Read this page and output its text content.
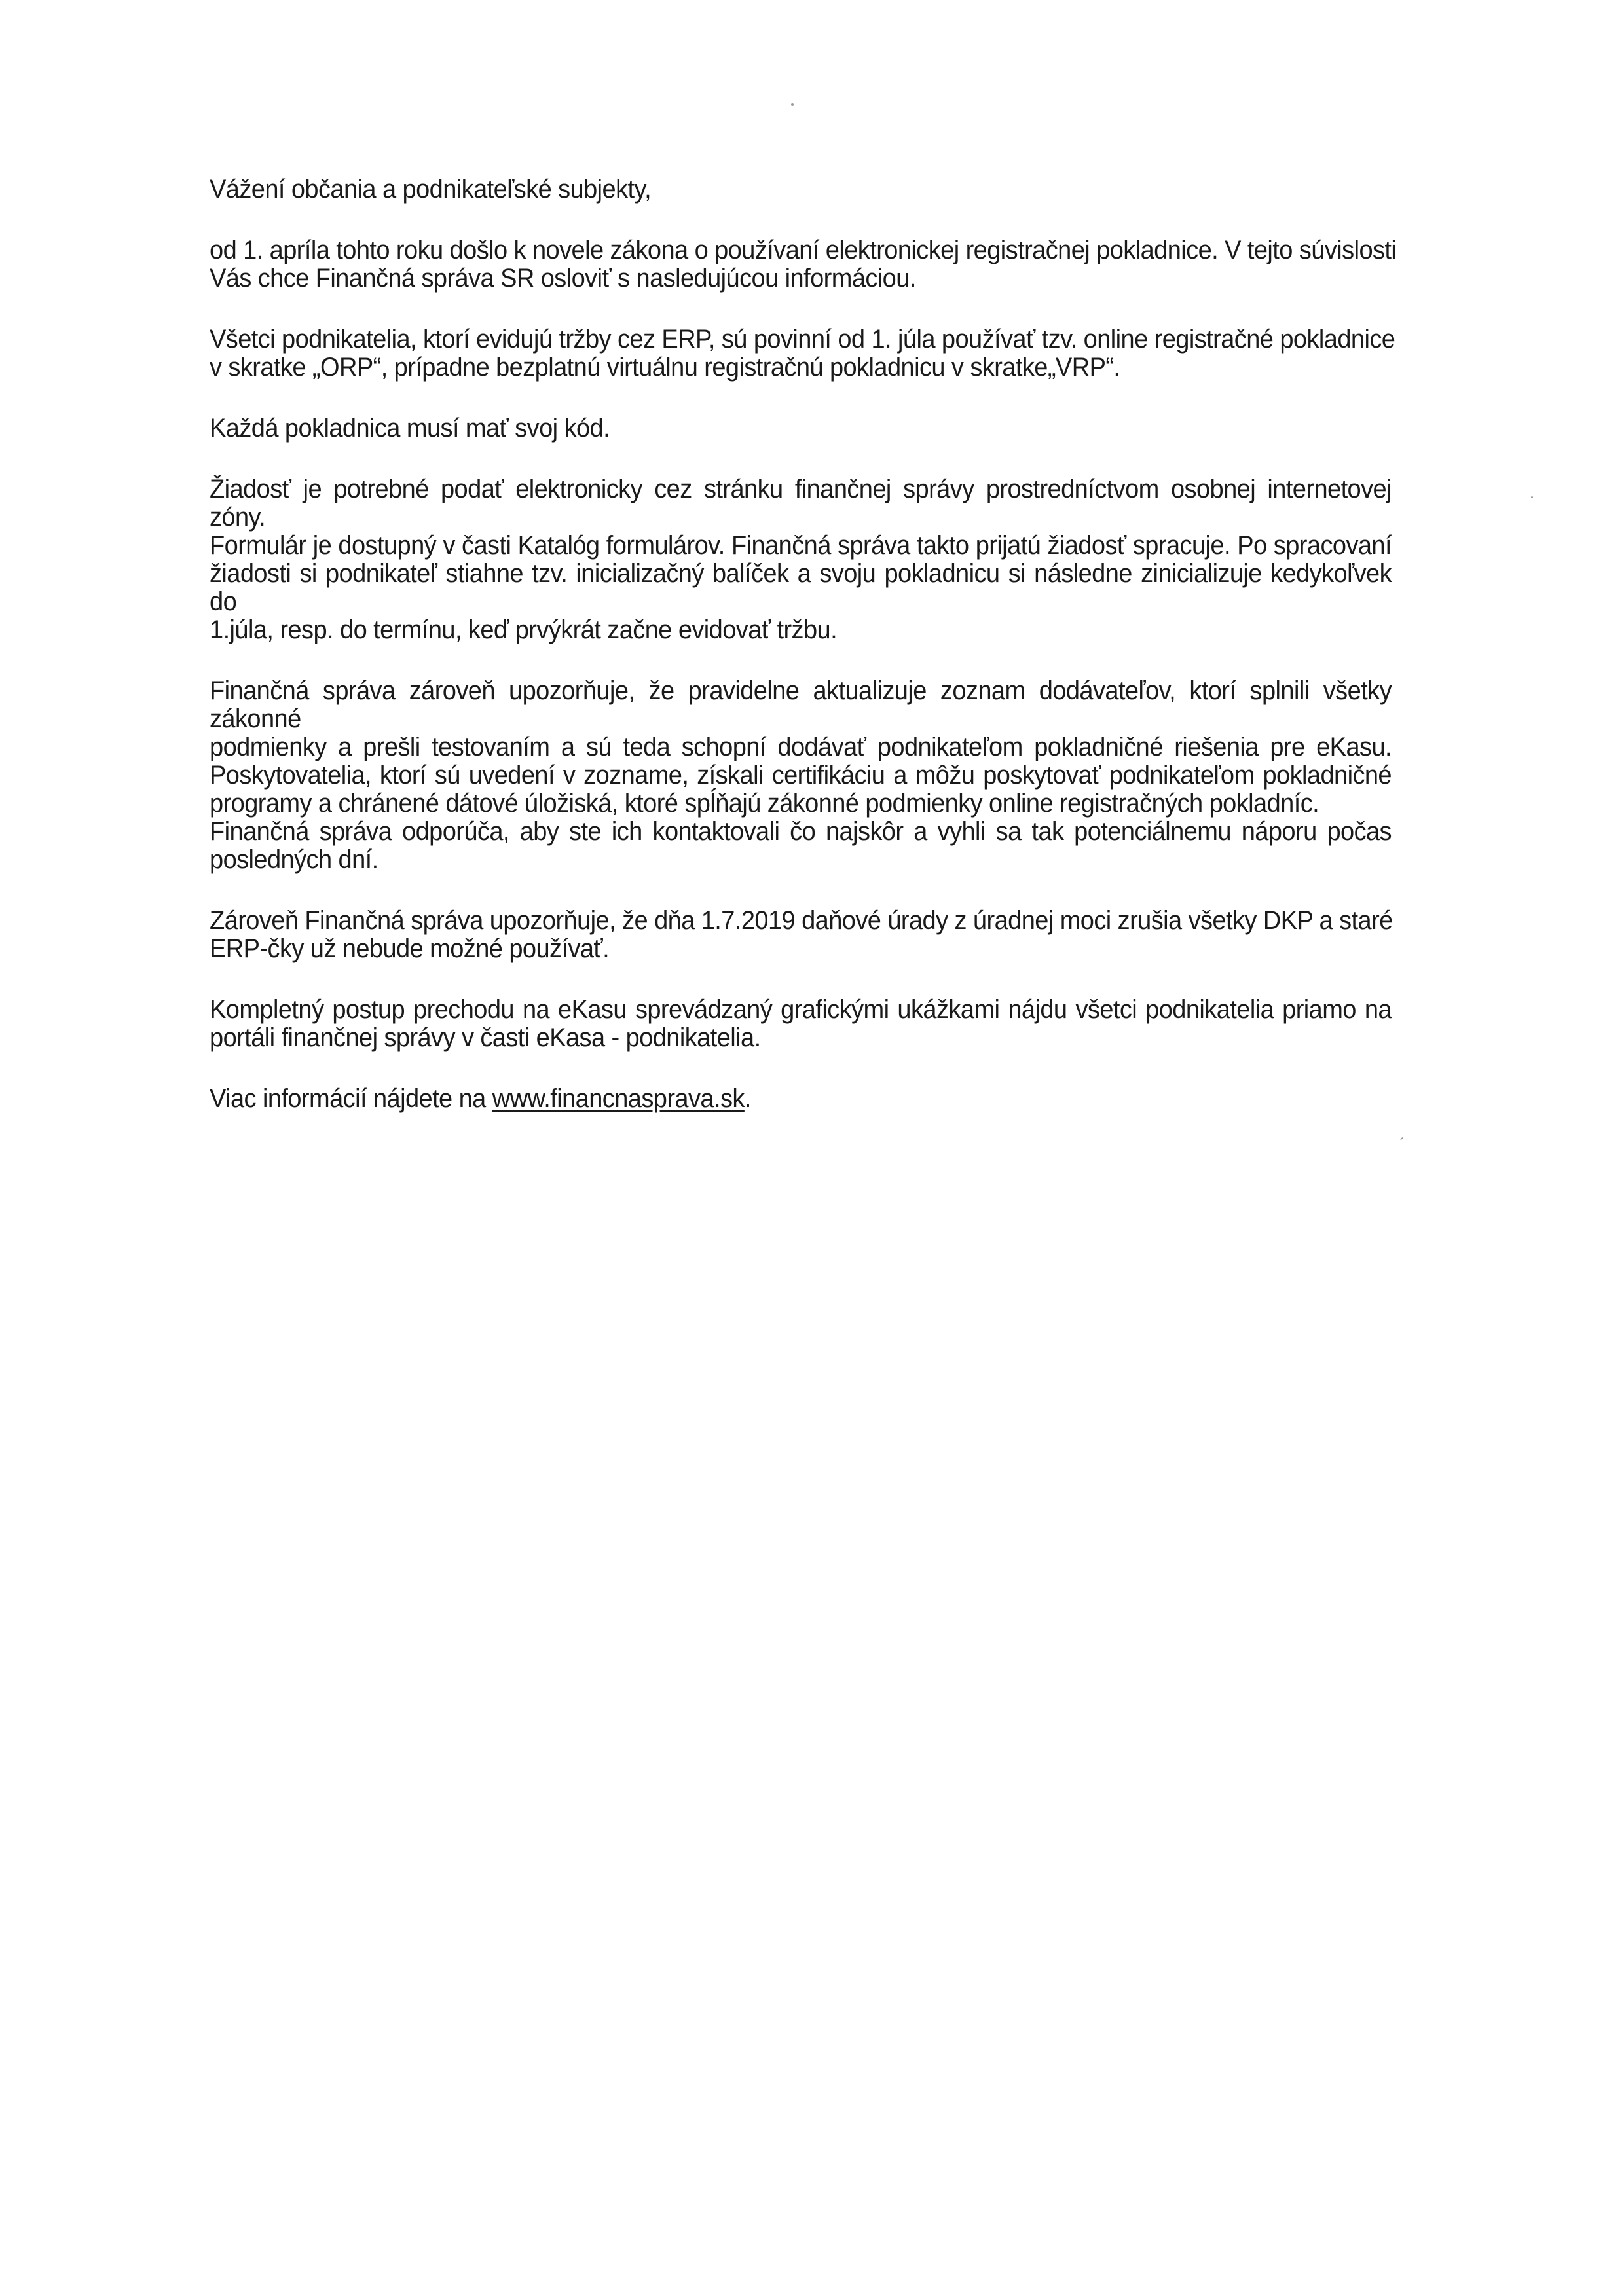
Vážení občania a podnikateľské subjekty,

od 1. apríla tohto roku došlo k novele zákona o používaní elektronickej registračnej pokladnice. V tejto súvislosti
Vás chce Finančná správa SR osloviť s nasledujúcou informáciou.

Všetci podnikatelia, ktorí evidujú tržby cez ERP, sú povinní od 1. júla používať tzv. online registračné pokladnice
v skratke „ORP“, prípadne bezplatnú virtuálnu registračnú pokladnicu v skratke„VRP“.

Každá pokladnica musí mať svoj kód.

Žiadosť je potrebné podať elektronicky cez stránku finančnej správy prostredníctvom osobnej internetovej zóny.
Formulár je dostupný v časti Katalóg formulárov. Finančná správa takto prijatú žiadosť spracuje. Po spracovaní
žiadosti si podnikateľ stiahne tzv. inicializačný balíček a svoju pokladnicu si následne zinicializuje kedykoľvek do
1.júla, resp. do termínu, keď prvýkrát začne evidovať tržbu.

Finančná správa zároveň upozorňuje, že pravidelne aktualizuje zoznam dodávateľov, ktorí splnili všetky zákonné
podmienky a prešli testovaním a sú teda schopní dodávať podnikateľom pokladničné riešenia pre eKasu.
Poskytovatelia, ktorí sú uvedení v zozname, získali certifikáciu a môžu poskytovať podnikateľom pokladničné
programy a chránené dátové úložiská, ktoré spĺňajú zákonné podmienky online registračných pokladníc.
Finančná správa odporúča, aby ste ich kontaktovali čo najskôr a vyhli sa tak potenciálnemu náporu počas
posledných dní.

Zároveň Finančná správa upozorňuje, že dňa 1.7.2019 daňové úrady z úradnej moci zrušia všetky DKP a staré
ERP-čky už nebude možné používať.

Kompletný postup prechodu na eKasu sprevádzaný grafickými ukážkami nájdu všetci podnikatelia priamo na
portáli finančnej správy v časti eKasa - podnikatelia.

Viac informácií nájdete na www.financnasprava.sk.
